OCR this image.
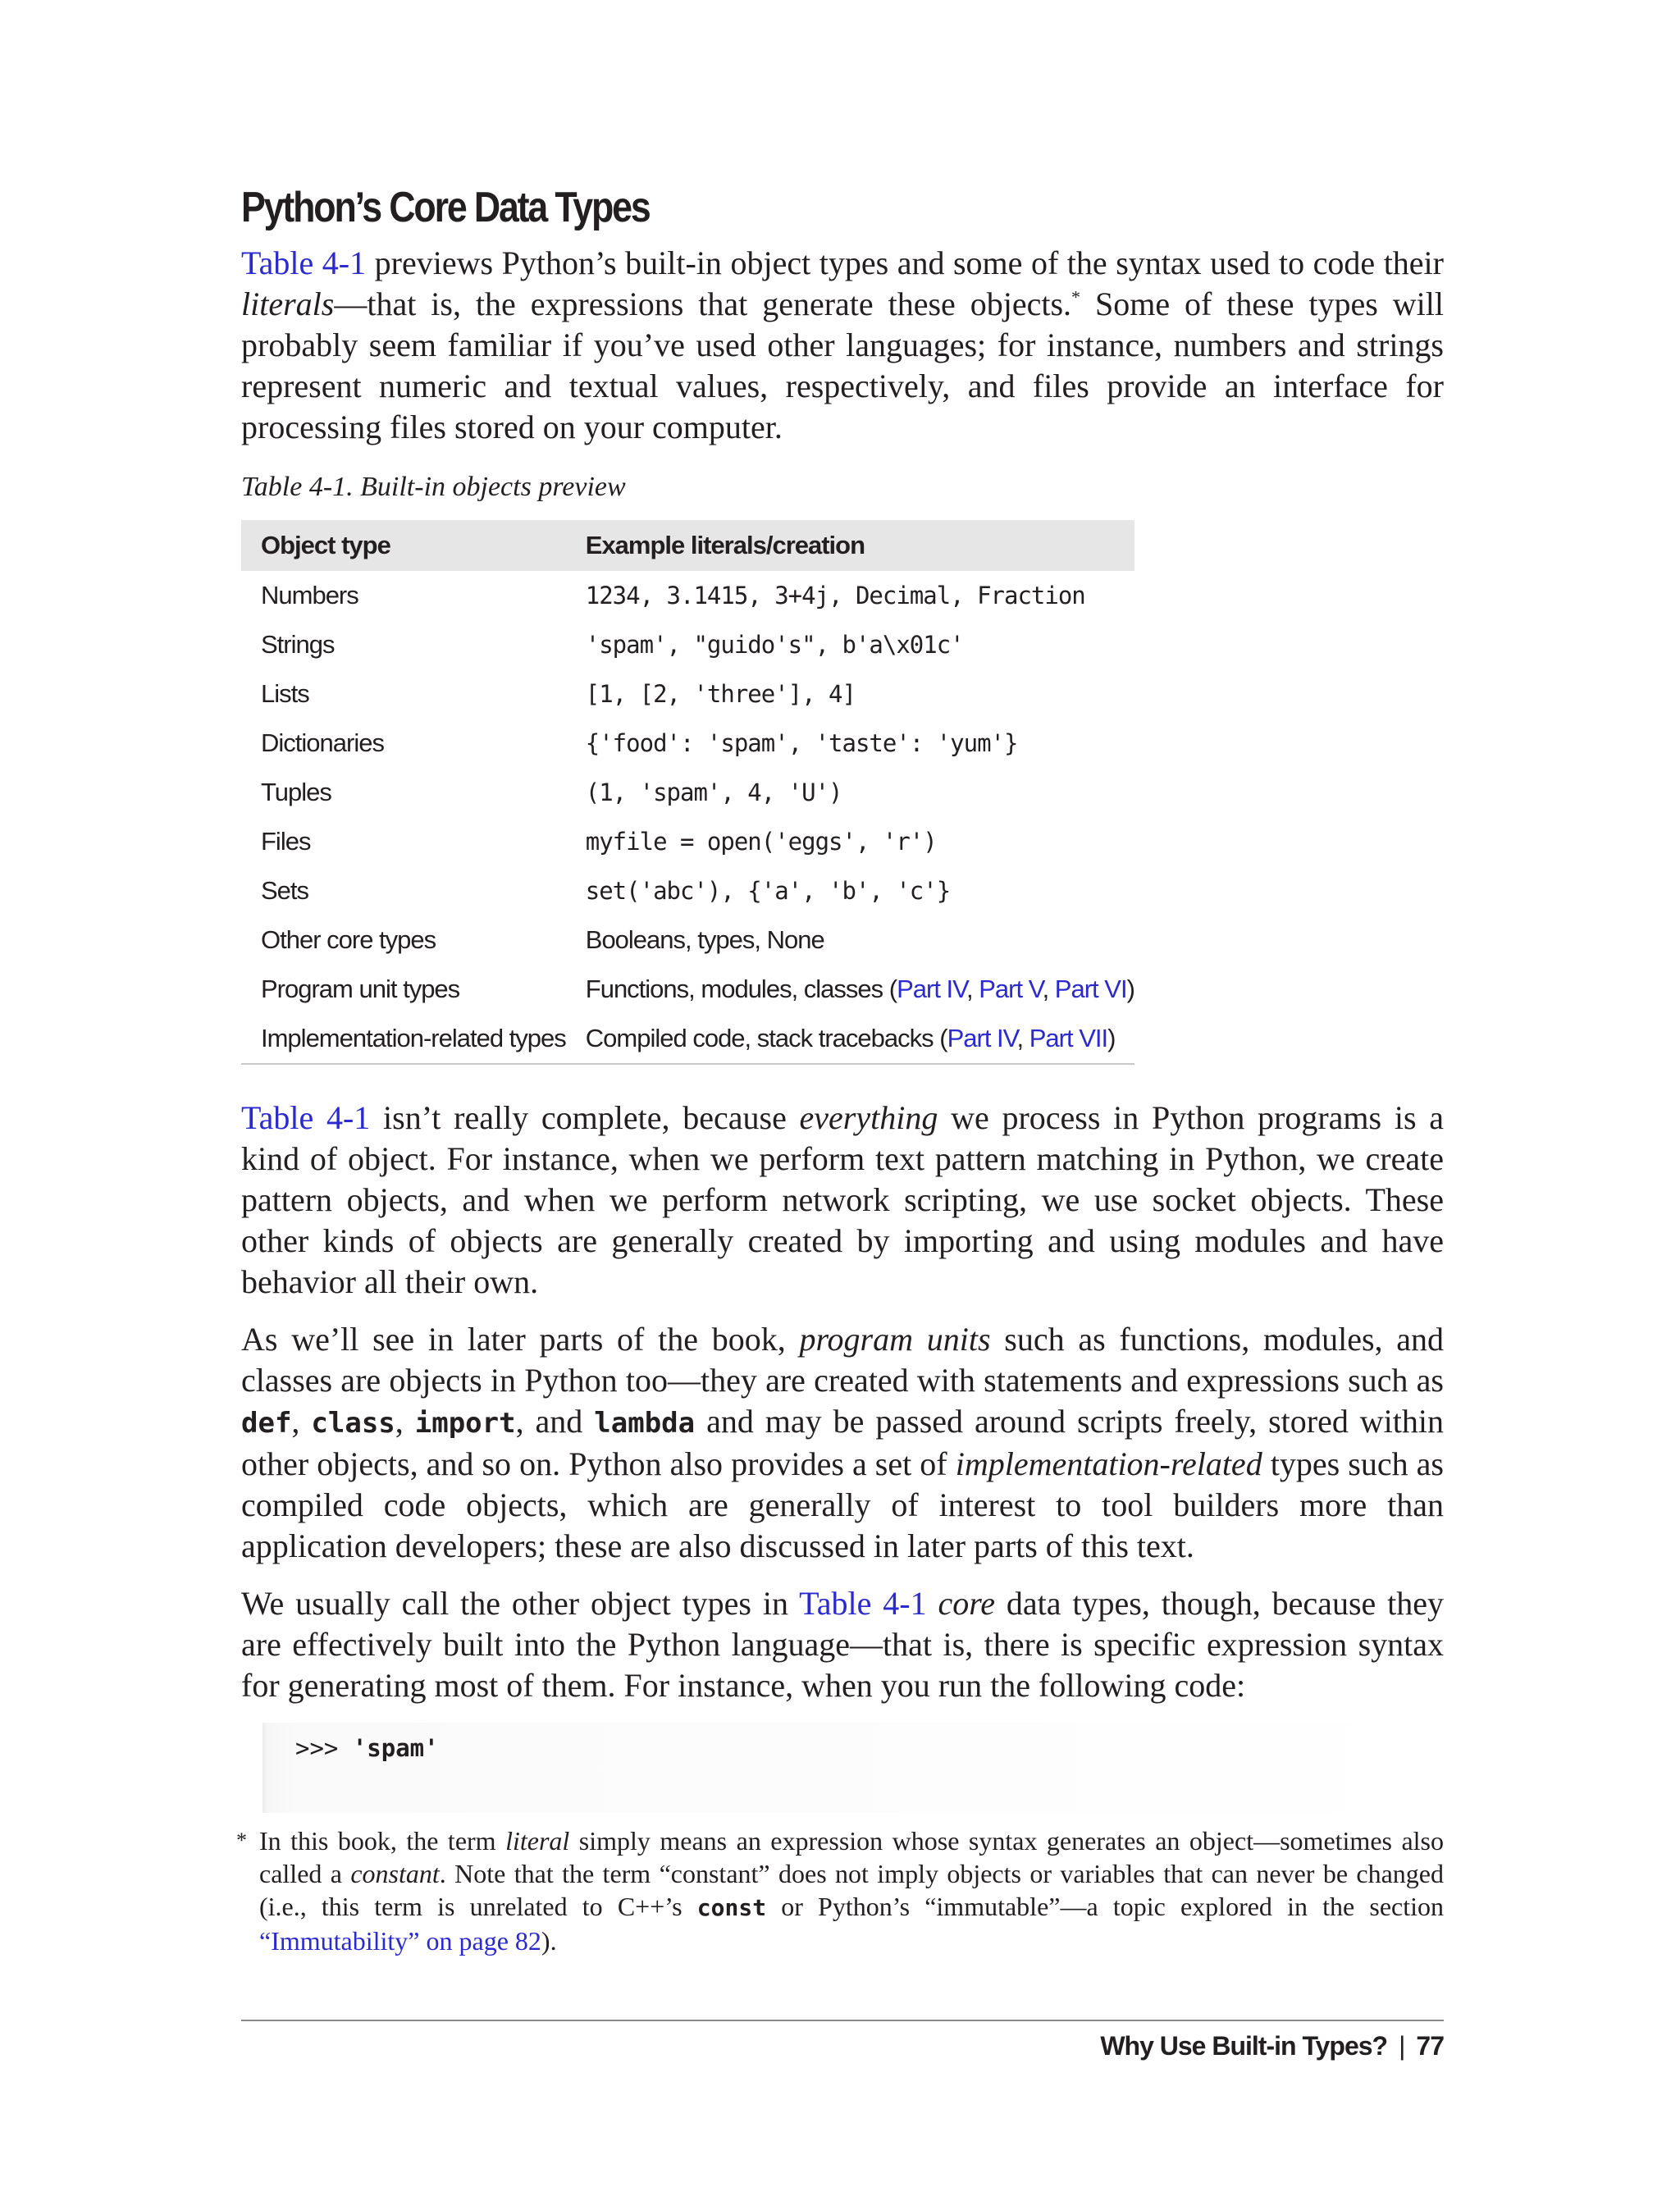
Python’s Core Data Types

Table 4-1 previews Python’s built-in object types and some of the syntax used to code their literals—that is, the expressions that generate these objects.* Some of these types will probably seem familiar if you’ve used other languages; for instance, numbers and strings represent numeric and textual values, respectively, and files provide an interface for processing files stored on your computer.

Table 4-1. Built-in objects preview
Object type	Example literals/creation
Numbers	1234, 3.1415, 3+4j, Decimal, Fraction
Strings	'spam', "guido's", b'a\x01c'
Lists	[1, [2, 'three'], 4]
Dictionaries	{'food': 'spam', 'taste': 'yum'}
Tuples	(1, 'spam', 4, 'U')
Files	myfile = open('eggs', 'r')
Sets	set('abc'), {'a', 'b', 'c'}
Other core types	Booleans, types, None
Program unit types	Functions, modules, classes (Part IV, Part V, Part VI)
Implementation-related types	Compiled code, stack tracebacks (Part IV, Part VII)

Table 4-1 isn’t really complete, because everything we process in Python programs is a kind of object. For instance, when we perform text pattern matching in Python, we create pattern objects, and when we perform network scripting, we use socket objects. These other kinds of objects are generally created by importing and using modules and have behavior all their own.

As we’ll see in later parts of the book, program units such as functions, modules, and classes are objects in Python too—they are created with statements and expressions such as def, class, import, and lambda and may be passed around scripts freely, stored within other objects, and so on. Python also provides a set of implementation-related types such as compiled code objects, which are generally of interest to tool builders more than application developers; these are also discussed in later parts of this text.

We usually call the other object types in Table 4-1 core data types, though, because they are effectively built into the Python language—that is, there is specific expression syntax for generating most of them. For instance, when you run the following code:

>>> 'spam'
* In this book, the term literal simply means an expression whose syntax generates an object—sometimes also called a constant. Note that the term “constant” does not imply objects or variables that can never be changed (i.e., this term is unrelated to C++’s const or Python’s “immutable”—a topic explored in the section “Immutability” on page 82).
Why Use Built-in Types? | 77
